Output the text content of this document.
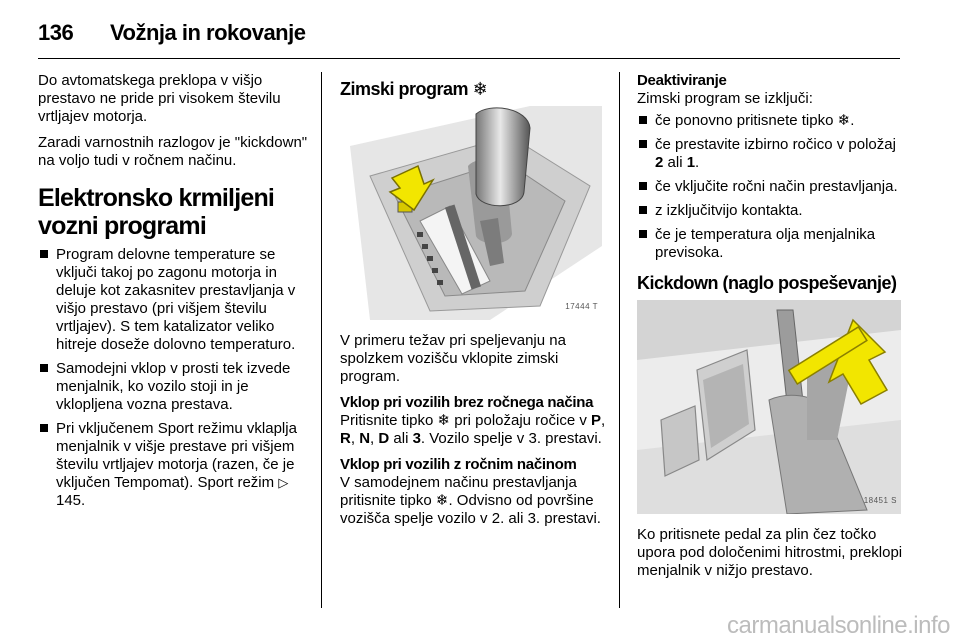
136 Vožnja in rokovanje

Do avtomatskega preklopa v višjo prestavo ne pride pri visokem številu vrtljajev motorja.

Zaradi varnostnih razlogov je "kickdown" na voljo tudi v ročnem načinu.

Elektronsko krmiljeni vozni programi
Program delovne temperature se vključi takoj po zagonu motorja in deluje kot zakasnitev prestavljanja v višjo prestavo (pri višjem številu vrtljajev). S tem katalizator veliko hitreje doseže dolovno temperaturo.
Samodejni vklop v prosti tek izvede menjalnik, ko vozilo stoji in je vklopljena vozna prestava.
Pri vključenem Sport režimu vklaplja menjalnik v višje prestave pri višjem številu vrtljajev motorja (razen, če je vključen Tempomat). Sport režim ▷ 145.
Zimski program ❄
17444 T

V primeru težav pri speljevanju na spolzkem vozišču vklopite zimski program.

Vklop pri vozilih brez ročnega načina

Pritisnite tipko ❄ pri položaju ročice v P, R, N, D ali 3. Vozilo spelje v 3. prestavi.

Vklop pri vozilih z ročnim načinom

V samodejnem načinu prestavljanja pritisnite tipko ❄. Odvisno od površine vozišča spelje vozilo v 2. ali 3. prestavi.

Deaktiviranje

Zimski program se izključi:

če ponovno pritisnete tipko ❄.
če prestavite izbirno ročico v položaj 2 ali 1.
če vključite ročni način prestavljanja.
z izključitvijo kontakta.
če je temperatura olja menjalnika previsoka.
Kickdown (naglo pospeševanje)
18451 S

Ko pritisnete pedal za plin čez točko upora pod določenimi hitrostmi, preklopi menjalnik v nižjo prestavo.

carmanualsonline.info
